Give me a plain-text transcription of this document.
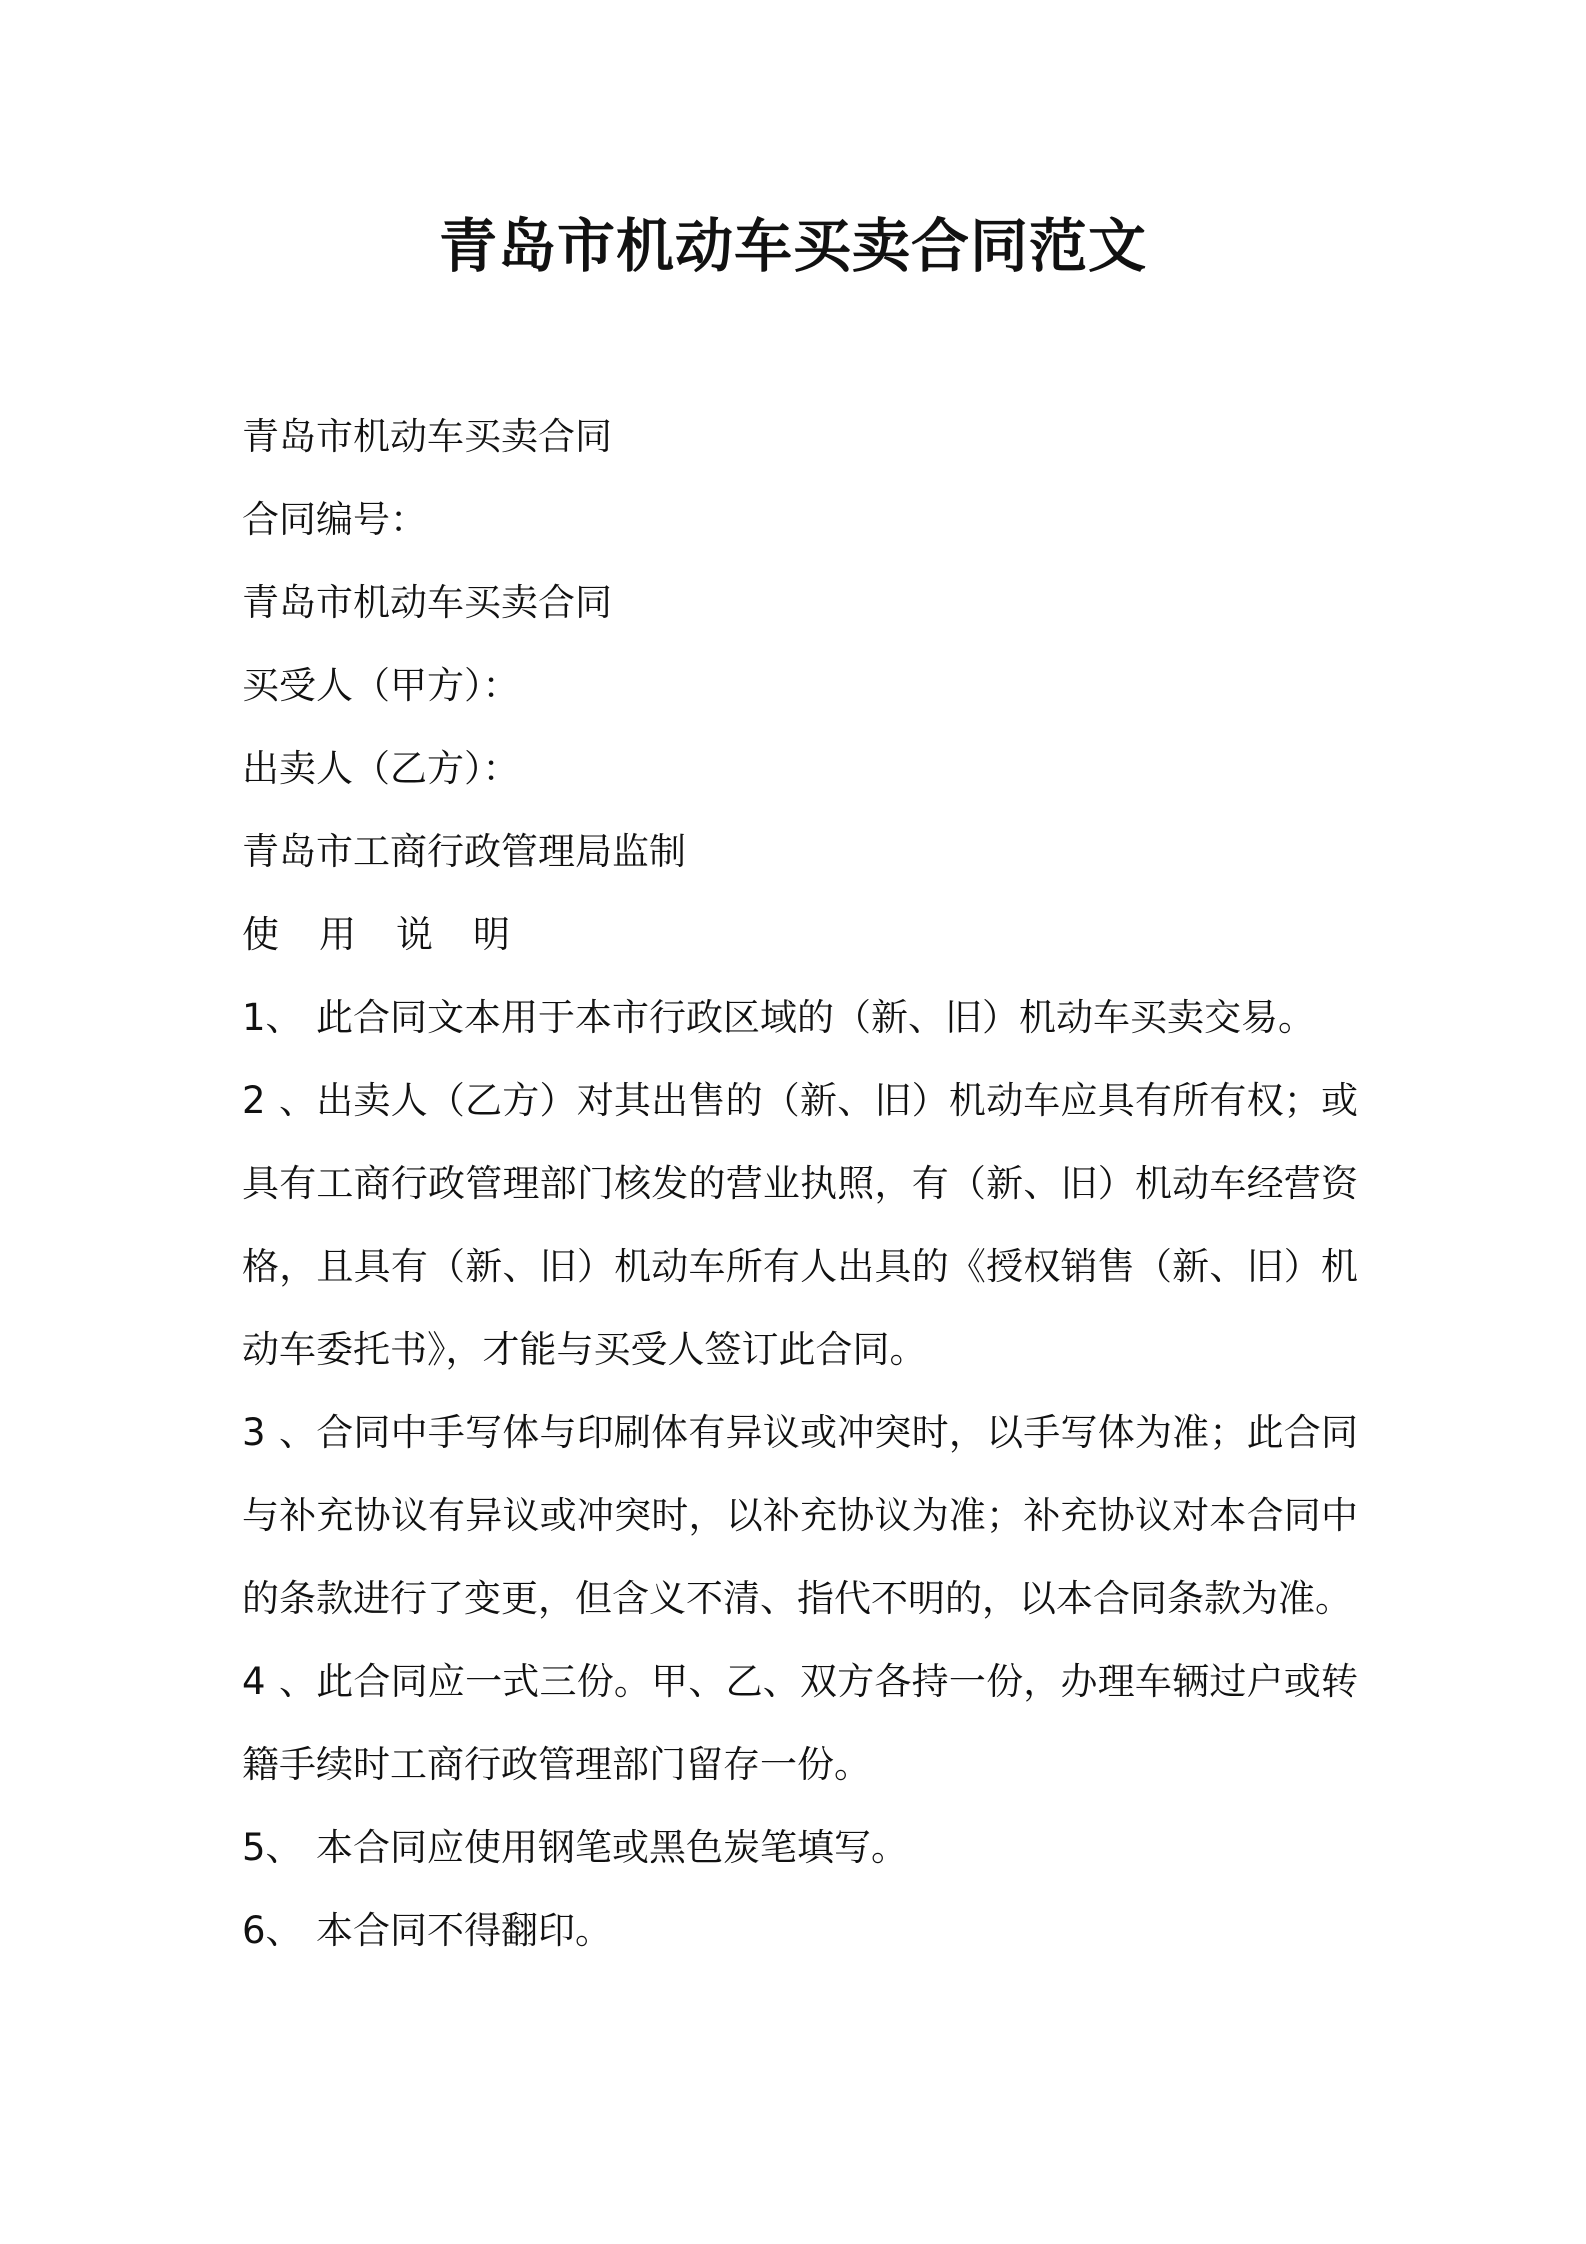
青岛市机动车买卖合同范文

青岛市机动车买卖合同

合同编号：

青岛市机动车买卖合同

买受人（甲方）：

出卖人（乙方）：

青岛市工商行政管理局监制

使 用 说 明

1、 此合同文本用于本市行政区域的（新、旧）机动车买卖交易。
2、出卖人（乙方）对其出售的（新、旧）机动车应具有所有权；或
具有工商行政管理部门核发的营业执照，有（新、旧）机动车经营资
格，且具有（新、旧）机动车所有人出具的《授权销售（新、旧）机
动车委托书》，才能与买受人签订此合同。
3、合同中手写体与印刷体有异议或冲突时，以手写体为准；此合同
与补充协议有异议或冲突时，以补充协议为准；补充协议对本合同中
的条款进行了变更，但含义不清、指代不明的，以本合同条款为准。
4、此合同应一式三份。甲、乙、双方各持一份，办理车辆过户或转
籍手续时工商行政管理部门留存一份。
5、 本合同应使用钢笔或黑色炭笔填写。
6、 本合同不得翻印。
